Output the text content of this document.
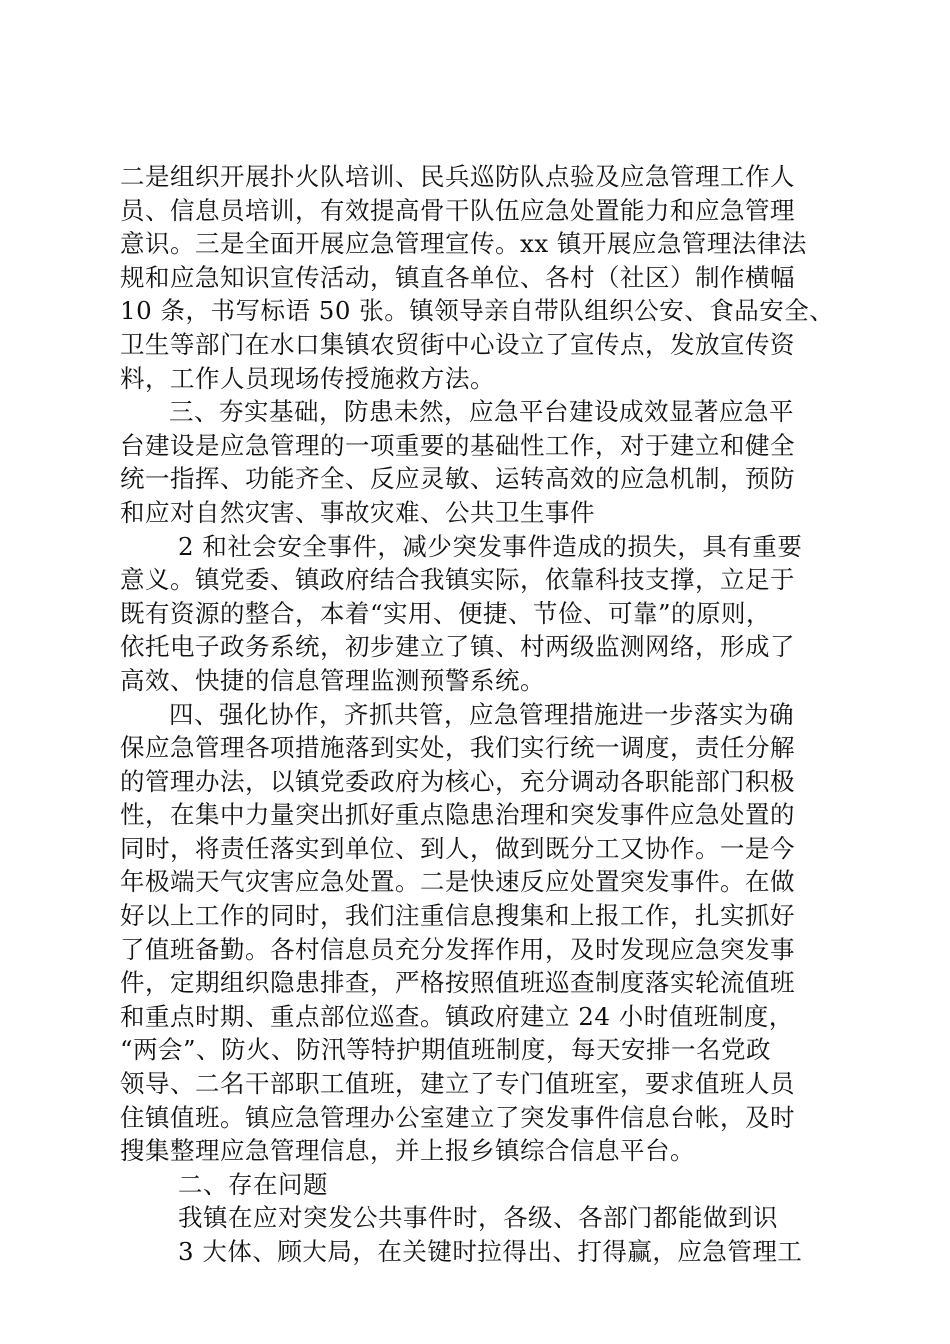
二是组织开展扑火队培训、民兵巡防队点验及应急管理工作人
员、信息员培训，有效提高骨干队伍应急处置能力和应急管理
意识。三是全面开展应急管理宣传。xx 镇开展应急管理法律法
规和应急知识宣传活动，镇直各单位、各村（社区）制作横幅
10 条，书写标语 50 张。镇领导亲自带队组织公安、食品安全、
卫生等部门在水口集镇农贸街中心设立了宣传点，发放宣传资
料，工作人员现场传授施救方法。
三、夯实基础，防患未然，应急平台建设成效显著应急平
台建设是应急管理的一项重要的基础性工作，对于建立和健全
统一指挥、功能齐全、反应灵敏、运转高效的应急机制，预防
和应对自然灾害、事故灾难、公共卫生事件
2 和社会安全事件，减少突发事件造成的损失，具有重要
意义。镇党委、镇政府结合我镇实际，依靠科技支撑，立足于
既有资源的整合，本着“实用、便捷、节俭、可靠”的原则，
依托电子政务系统，初步建立了镇、村两级监测网络，形成了
高效、快捷的信息管理监测预警系统。
四、强化协作，齐抓共管，应急管理措施进一步落实为确
保应急管理各项措施落到实处，我们实行统一调度，责任分解
的管理办法，以镇党委政府为核心，充分调动各职能部门积极
性，在集中力量突出抓好重点隐患治理和突发事件应急处置的
同时，将责任落实到单位、到人，做到既分工又协作。一是今
年极端天气灾害应急处置。二是快速反应处置突发事件。在做
好以上工作的同时，我们注重信息搜集和上报工作，扎实抓好
了值班备勤。各村信息员充分发挥作用，及时发现应急突发事
件，定期组织隐患排查，严格按照值班巡查制度落实轮流值班
和重点时期、重点部位巡查。镇政府建立 24 小时值班制度，
“两会”、防火、防汛等特护期值班制度，每天安排一名党政
领导、二名干部职工值班，建立了专门值班室，要求值班人员
住镇值班。镇应急管理办公室建立了突发事件信息台帐，及时
搜集整理应急管理信息，并上报乡镇综合信息平台。
二、存在问题
我镇在应对突发公共事件时，各级、各部门都能做到识
3 大体、顾大局，在关键时拉得出、打得赢，应急管理工
